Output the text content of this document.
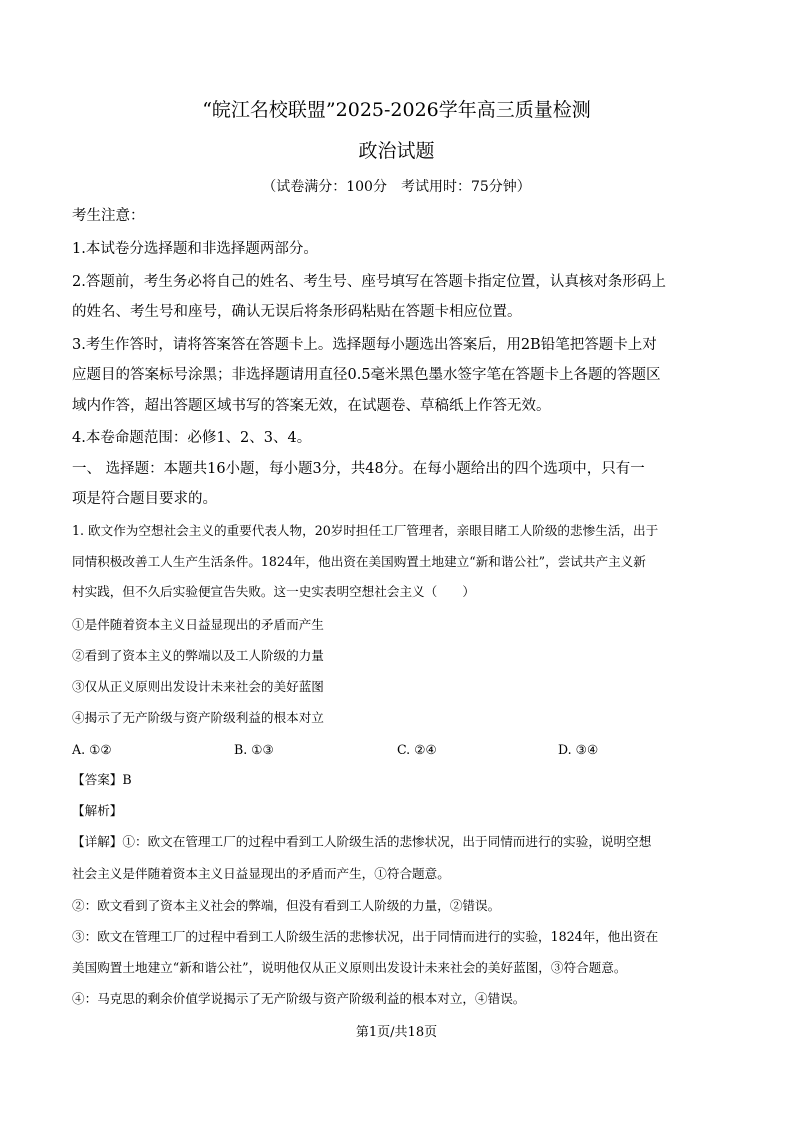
“皖江名校联盟”2025-2026学年高三质量检测
政治试题
（试卷满分：100分　考试用时：75分钟）
考生注意：
1.本试卷分选择题和非选择题两部分。
2.答题前，考生务必将自己的姓名、考生号、座号填写在答题卡指定位置，认真核对条形码上
的姓名、考生号和座号，确认无误后将条形码粘贴在答题卡相应位置。
3.考生作答时，请将答案答在答题卡上。选择题每小题选出答案后，用2B铅笔把答题卡上对
应题目的答案标号涂黑；非选择题请用直径0.5毫米黑色墨水签字笔在答题卡上各题的答题区
域内作答，超出答题区域书写的答案无效，在试题卷、草稿纸上作答无效。
4.本卷命题范围：必修1、2、3、4。
一、 选择题：本题共16小题，每小题3分，共48分。在每小题给出的四个选项中，只有一
项是符合题目要求的。
1. 欧文作为空想社会主义的重要代表人物，20岁时担任工厂管理者，亲眼目睹工人阶级的悲惨生活，出于
同情积极改善工人生产生活条件。1824年，他出资在美国购置土地建立“新和谐公社”，尝试共产主义新
村实践，但不久后实验便宣告失败。这一史实表明空想社会主义（　　）
①是伴随着资本主义日益显现出的矛盾而产生
②看到了资本主义的弊端以及工人阶级的力量
③仅从正义原则出发设计未来社会的美好蓝图
④揭示了无产阶级与资产阶级利益的根本对立
A. ①②	B. ①③	C. ②④	D. ③④
【答案】B
【解析】
【详解】①：欧文在管理工厂的过程中看到工人阶级生活的悲惨状况，出于同情而进行的实验，说明空想
社会主义是伴随着资本主义日益显现出的矛盾而产生，①符合题意。
②：欧文看到了资本主义社会的弊端，但没有看到工人阶级的力量，②错误。
③：欧文在管理工厂的过程中看到工人阶级生活的悲惨状况，出于同情而进行的实验，1824年，他出资在
美国购置土地建立“新和谐公社”，说明他仅从正义原则出发设计未来社会的美好蓝图，③符合题意。
④：马克思的剩余价值学说揭示了无产阶级与资产阶级利益的根本对立，④错误。
第1页/共18页
